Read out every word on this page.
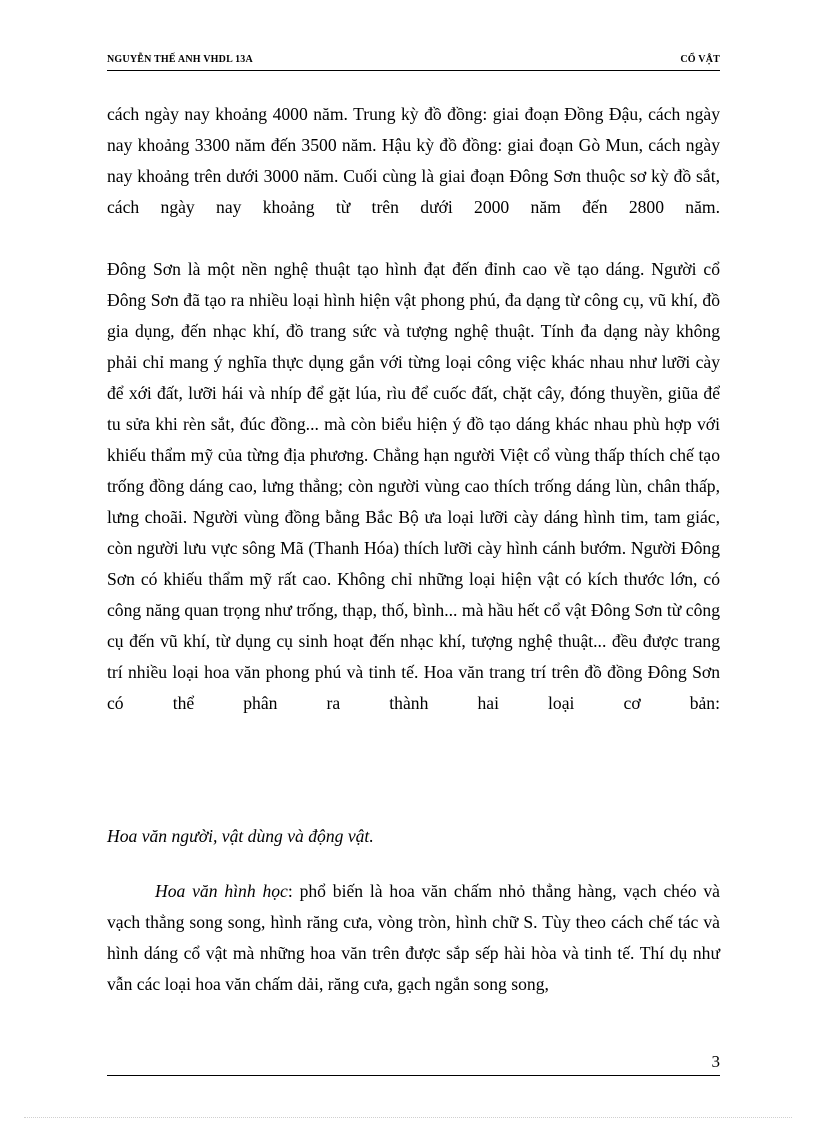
NGUYỄN THẾ ANH VHDL 13A	CỔ VẬT

cách ngày nay khoảng 4000 năm. Trung kỳ đồ đồng: giai đoạn Đồng Đậu, cách ngày nay khoảng 3300 năm đến 3500 năm. Hậu kỳ đồ đồng: giai đoạn Gò Mun, cách ngày nay khoảng trên dưới 3000 năm. Cuối cùng là giai đoạn Đông Sơn thuộc sơ kỳ đồ sắt, cách ngày nay khoảng từ trên dưới 2000 năm đến 2800 năm.

Đông Sơn là một nền nghệ thuật tạo hình đạt đến đỉnh cao về tạo dáng. Người cổ Đông Sơn đã tạo ra nhiều loại hình hiện vật phong phú, đa dạng từ công cụ, vũ khí, đồ gia dụng, đến nhạc khí, đồ trang sức và tượng nghệ thuật. Tính đa dạng này không phải chỉ mang ý nghĩa thực dụng gắn với từng loại công việc khác nhau như lưỡi cày để xới đất, lưỡi hái và nhíp để gặt lúa, rìu để cuốc đất, chặt cây, đóng thuyền, giũa để tu sửa khi rèn sắt, đúc đồng... mà còn biểu hiện ý đồ tạo dáng khác nhau phù hợp với khiếu thẩm mỹ của từng địa phương. Chẳng hạn người Việt cổ vùng thấp thích chế tạo trống đồng dáng cao, lưng thẳng; còn người vùng cao thích trống dáng lùn, chân thấp, lưng choãi. Người vùng đồng bằng Bắc Bộ ưa loại lưỡi cày dáng hình tim, tam giác, còn người lưu vực sông Mã (Thanh Hóa) thích lưỡi cày hình cánh bướm. Người Đông Sơn có khiếu thẩm mỹ rất cao. Không chỉ những loại hiện vật có kích thước lớn, có công năng quan trọng như trống, thạp, thố, bình... mà hầu hết cổ vật Đông Sơn từ công cụ đến vũ khí, từ dụng cụ sinh hoạt đến nhạc khí, tượng nghệ thuật... đều được trang trí nhiều loại hoa văn phong phú và tinh tế. Hoa văn trang trí trên đồ đồng Đông Sơn có thể phân ra thành hai loại cơ bản:

Hoa văn người, vật dùng và động vật.

Hoa văn hình học: phổ biến là hoa văn chấm nhỏ thẳng hàng, vạch chéo và vạch thẳng song song, hình răng cưa, vòng tròn, hình chữ S. Tùy theo cách chế tác và hình dáng cổ vật mà những hoa văn trên được sắp sếp hài hòa và tinh tế. Thí dụ như vẫn các loại hoa văn chấm dải, răng cưa, gạch ngắn song song,

3
